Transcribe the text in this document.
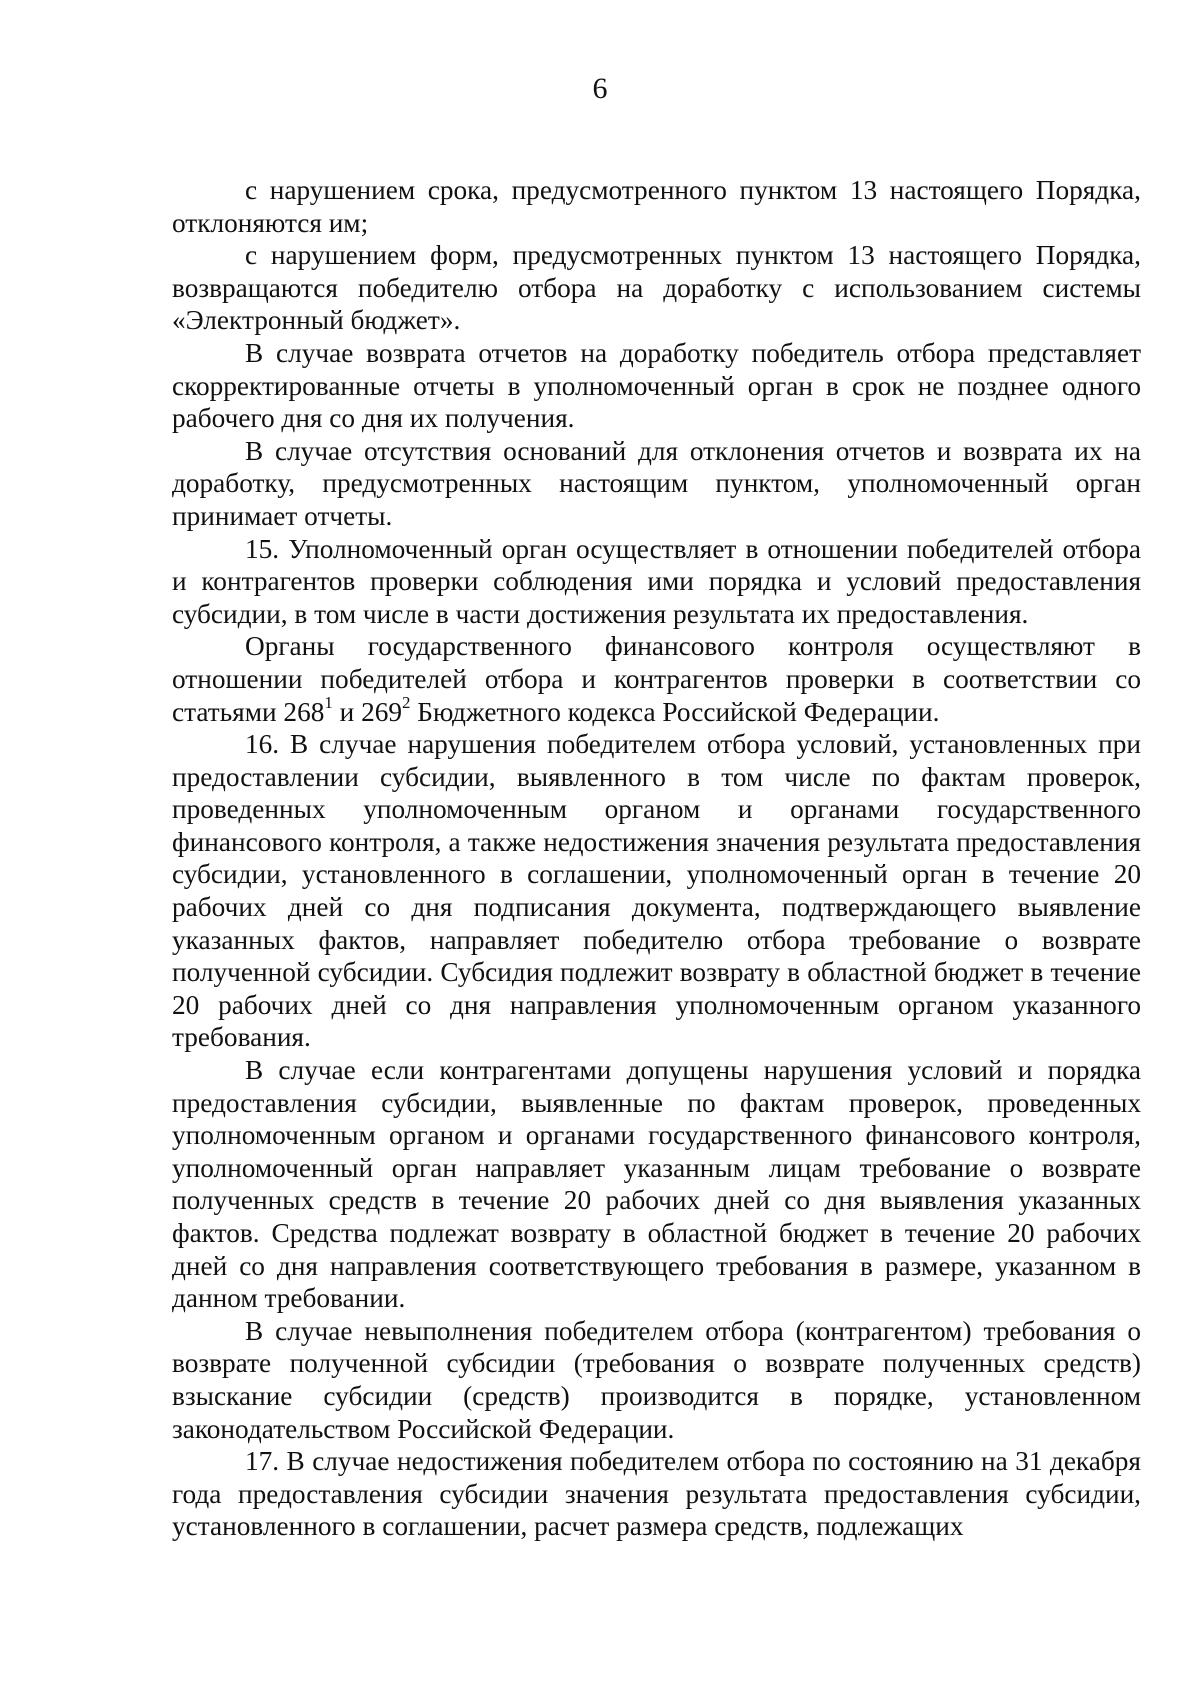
6

с нарушением срока, предусмотренного пунктом 13 настоящего Порядка, отклоняются им;

с нарушением форм, предусмотренных пунктом 13 настоящего Порядка, возвращаются победителю отбора на доработку с использованием системы «Электронный бюджет».

В случае возврата отчетов на доработку победитель отбора представляет скорректированные отчеты в уполномоченный орган в срок не позднее одного рабочего дня со дня их получения.

В случае отсутствия оснований для отклонения отчетов и возврата их на доработку, предусмотренных настоящим пунктом, уполномоченный орган принимает отчеты.

15. Уполномоченный орган осуществляет в отношении победителей отбора и контрагентов проверки соблюдения ими порядка и условий предоставления субсидии, в том числе в части достижения результата их предоставления.

Органы государственного финансового контроля осуществляют в отношении победителей отбора и контрагентов проверки в соответствии со статьями $268^1$ и $269^2$ Бюджетного кодекса Российской Федерации.

16. В случае нарушения победителем отбора условий, установленных при предоставлении субсидии, выявленного в том числе по фактам проверок, проведенных уполномоченным органом и органами государственного финансового контроля, а также недостижения значения результата предоставления субсидии, установленного в соглашении, уполномоченный орган в течение 20 рабочих дней со дня подписания документа, подтверждающего выявление указанных фактов, направляет победителю отбора требование о возврате полученной субсидии. Субсидия подлежит возврату в областной бюджет в течение 20 рабочих дней со дня направления уполномоченным органом указанного требования.

В случае если контрагентами допущены нарушения условий и порядка предоставления субсидии, выявленные по фактам проверок, проведенных уполномоченным органом и органами государственного финансового контроля, уполномоченный орган направляет указанным лицам требование о возврате полученных средств в течение 20 рабочих дней со дня выявления указанных фактов. Средства подлежат возврату в областной бюджет в течение 20 рабочих дней со дня направления соответствующего требования в размере, указанном в данном требовании.

В случае невыполнения победителем отбора (контрагентом) требования о возврате полученной субсидии (требования о возврате полученных средств) взыскание субсидии (средств) производится в порядке, установленном законодательством Российской Федерации.

17. В случае недостижения победителем отбора по состоянию на 31 декабря года предоставления субсидии значения результата предоставления субсидии, установленного в соглашении, расчет размера средств, подлежащих
